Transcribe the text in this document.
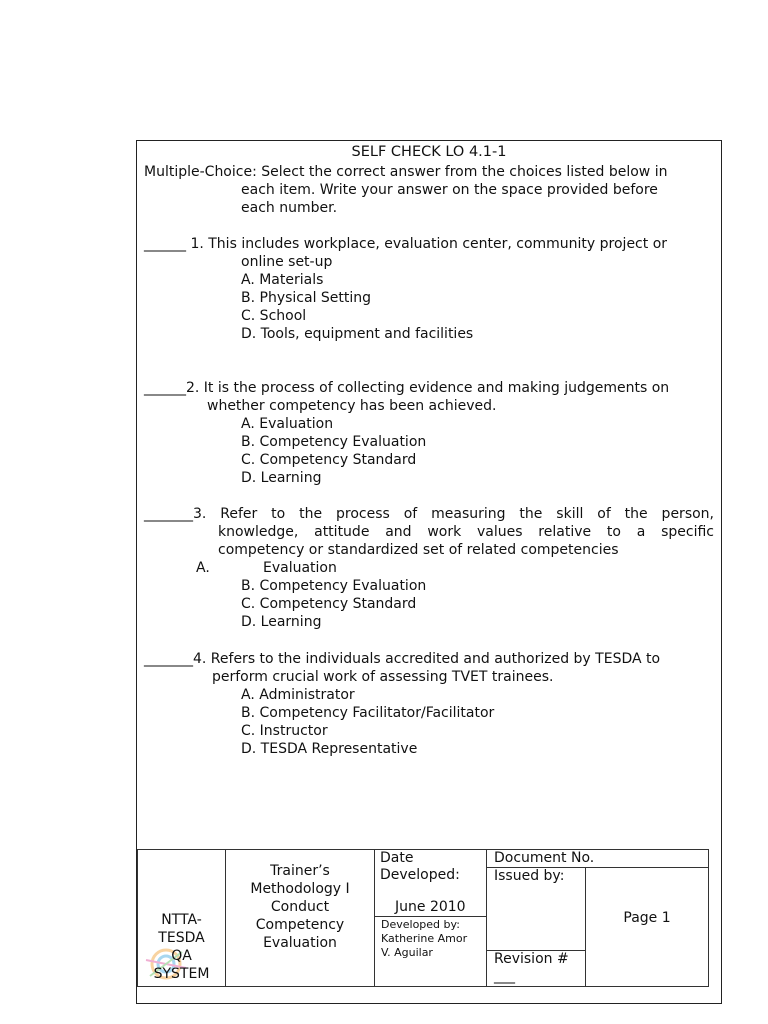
SELF CHECK LO 4.1-1
Multiple-Choice: Select the correct answer from the choices listed below in
each item. Write your answer on the space provided before
each number.
______ 1. This includes workplace, evaluation center, community project or
online set-up
A. Materials
B. Physical Setting
C. School
D. Tools, equipment and facilities
______2. It is the process of collecting evidence and making judgements on
whether competency has been achieved.
A. Evaluation
B. Competency Evaluation
C. Competency Standard
D. Learning
_______3. Refer to the process of measuring the skill of the person,
knowledge, attitude and work values relative to a specific
competency or standardized set of related competencies
A.	Evaluation
B. Competency Evaluation
C. Competency Standard
D. Learning
_______4. Refers to the individuals accredited and authorized by TESDA to
perform crucial work of assessing TVET trainees.
A. Administrator
B. Competency Facilitator/Facilitator
C. Instructor
D. TESDA Representative
NTTA-
TESDA
QA
SYSTEM
Trainer’s
Methodology I
Conduct
Competency
Evaluation
Date
Developed:
June 2010
Developed by:
Katherine Amor
V. Aguilar
Document No.
Issued by:
Revision #
___
Page 1
